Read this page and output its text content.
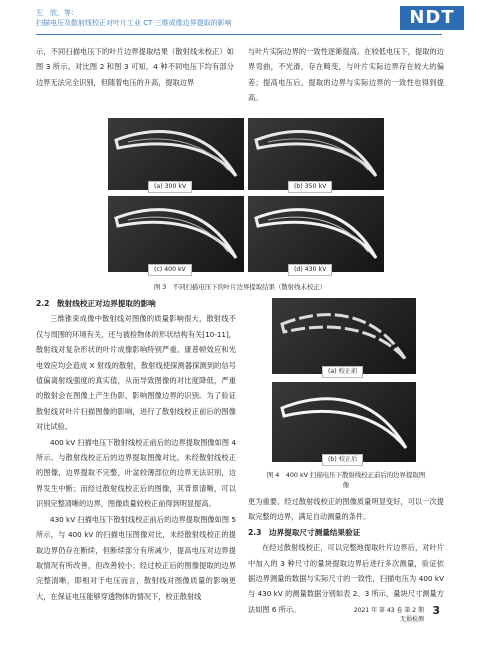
左　欣，等：
扫描电压及散射线校正对叶片工业 CT 三维成像边界提取的影响	NDT

示，不同扫描电压下的叶片边界提取结果（散射线未校正）如图 3 所示。对比图 2 和图 3 可知，4 种不同电压下均有部分边界无法完全识别，但随着电压的升高，提取边界

与叶片实际边界的一致性逐渐提高。在较低电压下，提取的边界弯曲，不光滑，存在畸变，与叶片实际边界存在较大的偏差；提高电压后，提取的边界与实际边界的一致性也得到提高。

(a) 300 kV	(b) 350 kV
(c) 400 kV	(d) 430 kV
图 3　不同扫描电压下的叶片边界提取结果（散射线未校正）

2.2　散射线校正对边界提取的影响

三维锥束成像中散射线对图像的质量影响很大，散射线不仅与周围的环境有关，还与被检物体的形状结构有关[10-11]，散射线对复杂形状的叶片成像影响特别严重。康普顿效应和光电效应均会造成 X 射线的散射，散射线使探测器探测到的信号值偏离射线强度的真实值，从而导致图像的对比度降低，严重的散射会在图像上产生伪影，影响图像边界的识别。为了验证散射线对叶片扫描图像的影响，进行了散射线校正前后的图像对比试验。

400 kV 扫描电压下散射线校正前后的边界提取图像如图 4 所示。与散射线校正后的边界提取图像对比，未经散射线校正的图像，边界提取不完整，叶盆较薄部位的边界无法识别，边界发生中断；而经过散射线校正后的图像，其背景清晰，可以识别完整清晰的边界，图像质量较校正前得到明显提高。

430 kV 扫描电压下散射线校正前后的边界提取图像如图 5 所示，与 400 kV 的扫描电压图像对比，未经散射线校正的提取边界仍存在断续，但断续部分有所减少，提高电压对边界提取情况有所改善，但改善较小；经过校正后的图像提取的边界完整清晰，即相对于电压而言，散射线对图像质量的影响更大，在保证电压能够穿透物体的情况下，校正散射线

(a) 校正前
(b) 校正后
图 4　400 kV 扫描电压下散射线校正前后的边界提取图像

更为重要。经过散射线校正的图像质量明显变好，可以一次提取完整的边界，满足自动测量的条件。

2.3　边界提取尺寸测量结果验证

在经过散射线校正，可以完整地提取叶片边界后，对叶片中加入的 3 种尺寸的量块提取边界后进行多次测量，验证依据边界测量的数据与实际尺寸的一致性，扫描电压为 400 kV 与 430 kV 的测量数据分别如表 2、3 所示，量块尺寸测量方法如图 6 所示。	2021 年 第 43 卷 第 2 期
无损检测
3
